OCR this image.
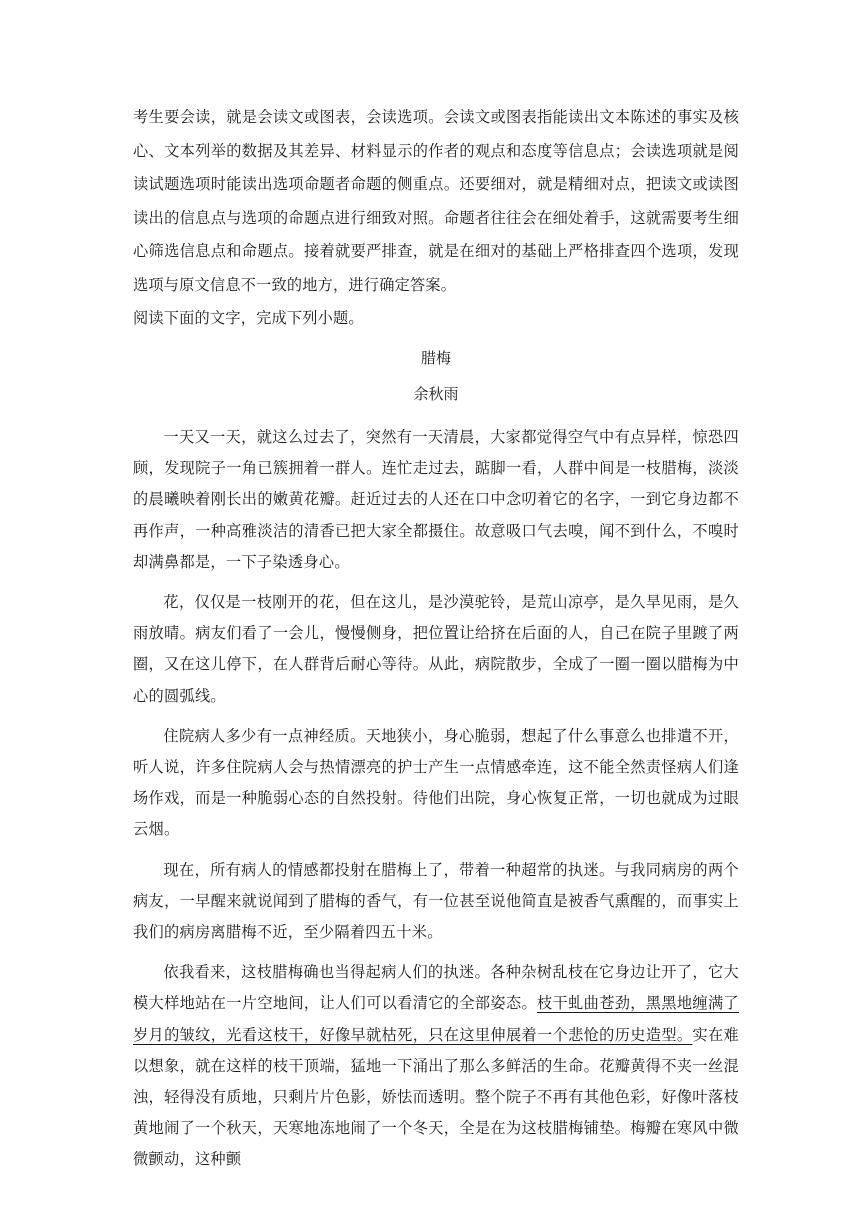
考生要会读，就是会读文或图表，会读选项。会读文或图表指能读出文本陈述的事实及核心、文本列举的数据及其差异、材料显示的作者的观点和态度等信息点；会读选项就是阅读试题选项时能读出选项命题者命题的侧重点。还要细对，就是精细对点，把读文或读图读出的信息点与选项的命题点进行细致对照。命题者往往会在细处着手，这就需要考生细心筛选信息点和命题点。接着就要严排查，就是在细对的基础上严格排查四个选项，发现选项与原文信息不一致的地方，进行确定答案。

阅读下面的文字，完成下列小题。

腊梅
余秋雨

一天又一天，就这么过去了，突然有一天清晨，大家都觉得空气中有点异样，惊恐四顾，发现院子一角已簇拥着一群人。连忙走过去，踮脚一看，人群中间是一枝腊梅，淡淡的晨曦映着刚长出的嫩黄花瓣。赶近过去的人还在口中念叨着它的名字，一到它身边都不再作声，一种高雅淡洁的清香已把大家全都摄住。故意吸口气去嗅，闻不到什么，不嗅时却满鼻都是，一下子染透身心。

花，仅仅是一枝刚开的花，但在这儿，是沙漠驼铃，是荒山凉亭，是久旱见雨，是久雨放晴。病友们看了一会儿，慢慢侧身，把位置让给挤在后面的人，自己在院子里踱了两圈，又在这儿停下，在人群背后耐心等待。从此，病院散步，全成了一圈一圈以腊梅为中心的圆弧线。

住院病人多少有一点神经质。天地狭小，身心脆弱，想起了什么事意么也排遣不开，听人说，许多住院病人会与热情漂亮的护士产生一点情感牵连，这不能全然责怪病人们逢场作戏，而是一种脆弱心态的自然投射。待他们出院，身心恢复正常，一切也就成为过眼云烟。

现在，所有病人的情感都投射在腊梅上了，带着一种超常的执迷。与我同病房的两个病友，一早醒来就说闻到了腊梅的香气，有一位甚至说他简直是被香气熏醒的，而事实上我们的病房离腊梅不近，至少隔着四五十米。

依我看来，这枝腊梅确也当得起病人们的执迷。各种杂树乱枝在它身边让开了，它大模大样地站在一片空地间，让人们可以看清它的全部姿态。枝干虬曲苍劲，黑黑地缠满了岁月的皱纹，光看这枝干，好像早就枯死，只在这里伸展着一个悲怆的历史造型。实在难以想象，就在这样的枝干顶端，猛地一下涌出了那么多鲜活的生命。花瓣黄得不夹一丝混浊，轻得没有质地，只剩片片色影，娇怯而透明。整个院子不再有其他色彩，好像叶落枝黄地闹了一个秋天，天寒地冻地闹了一个冬天，全是在为这枝腊梅铺垫。梅瓣在寒风中微微颤动，这种颤
